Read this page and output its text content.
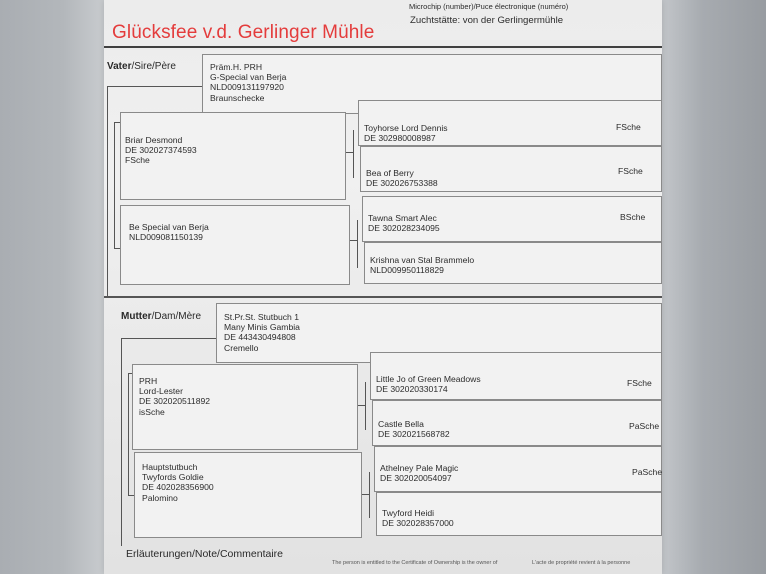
Microchip (number)/Puce électronique (numéro)
Zuchtstätte: von der Gerlingermühle
Glücksfee v.d. Gerlinger Mühle
Vater/Sire/Père	Präm.H. PRH
G-Special van Berja
NLD009131197920
Braunschecke
Briar Desmond
DE 302027374593
FSche
Be Special van Berja
NLD009081150139
Toyhorse Lord Dennis
DE 302980008987
FSche
Bea of Berry
DE 302026753388
FSche
Tawna Smart Alec
DE 302028234095
BSche
Krishna van Stal Brammelo
NLD009950118829
Mutter/Dam/Mère	St.Pr.St. Stutbuch 1
Many Minis Gambia
DE 443430494808
Cremello
PRH
Lord-Lester
DE 302020511892
isSche
Hauptstutbuch
Twyfords Goldie
DE 402028356900
Palomino
Little Jo of Green Meadows
DE 302020330174
FSche
Castle Bella
DE 302021568782
PaSche
Athelney Pale Magic
DE 302020054097
PaSche
Twyford Heidi
DE 302028357000
Erläuterungen/Note/Commentaire
The person is entitled to the Certificate of Ownership is the owner of	L'acte de propriété revient à la personne
